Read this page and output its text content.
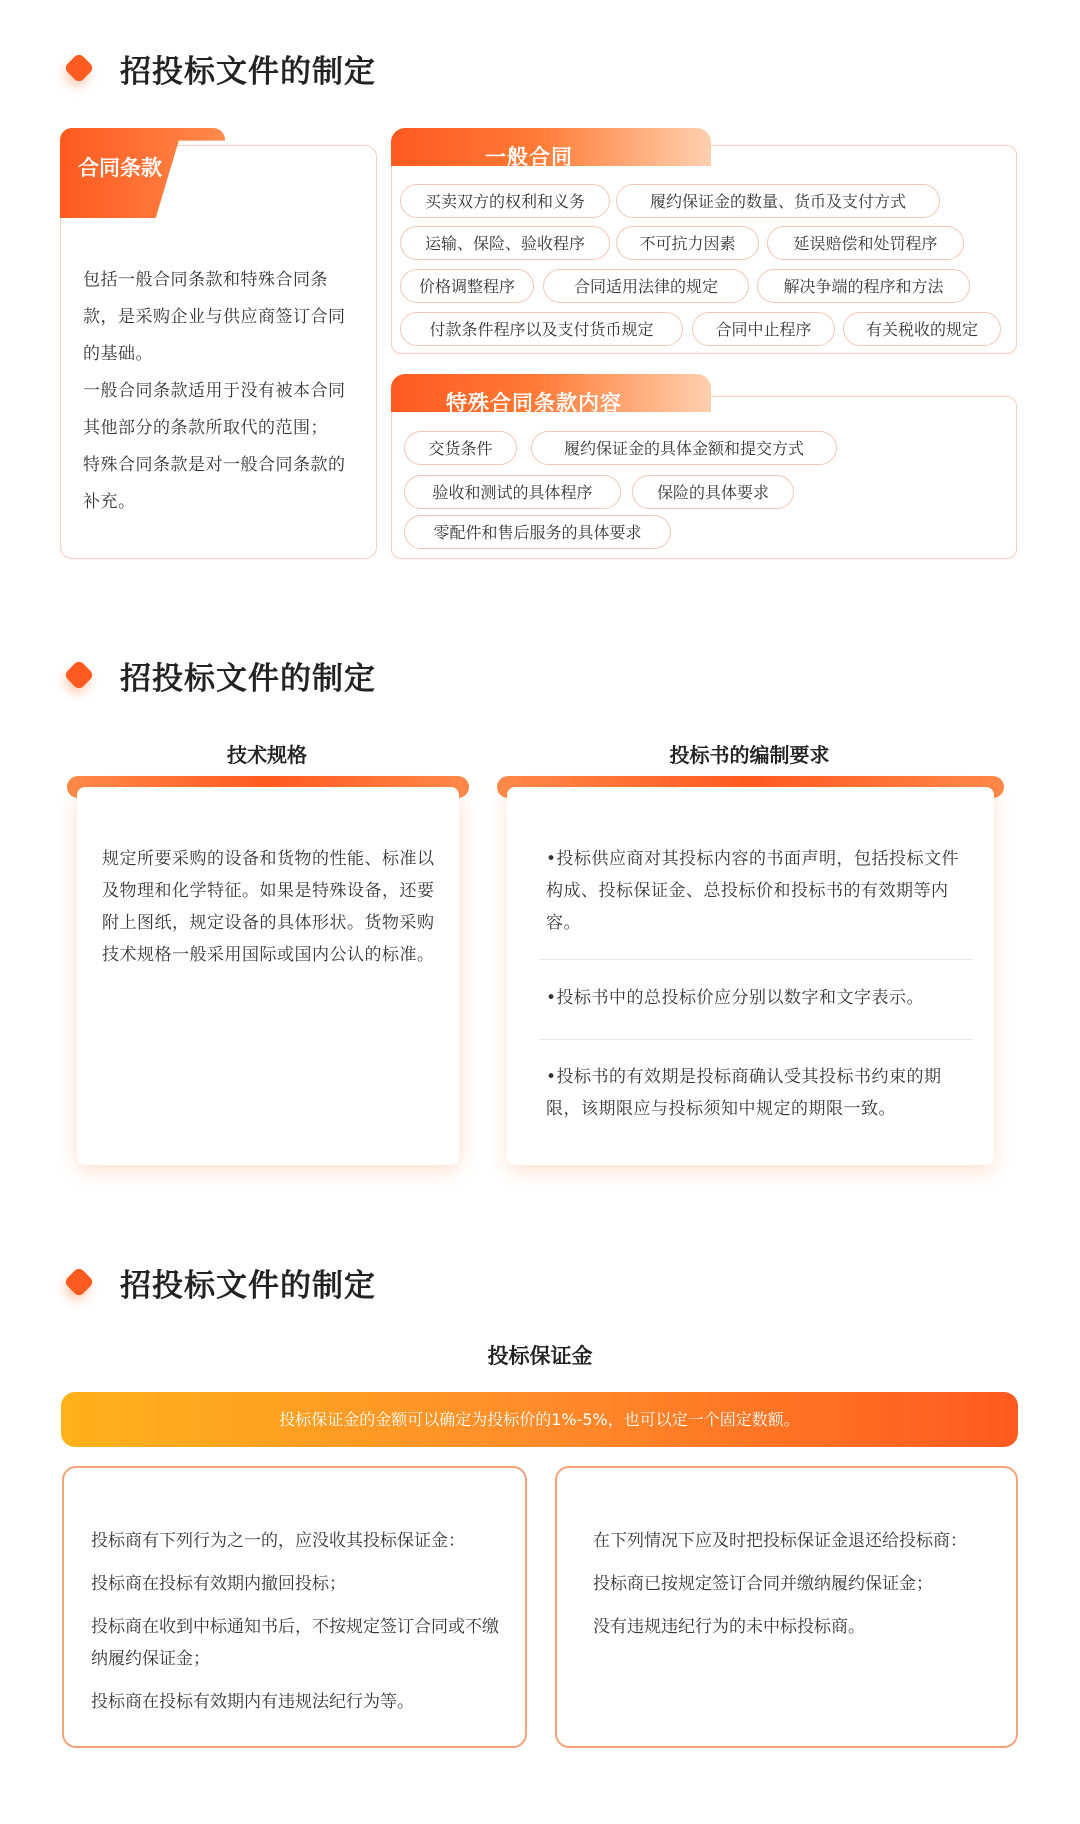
招投标文件的制定
合同条款

包括一般合同条款和特殊合同条款，是采购企业与供应商签订合同的基础。

一般合同条款适用于没有被本合同其他部分的条款所取代的范围；

特殊合同条款是对一般合同条款的补充。

一般合同
买卖双方的权利和义务	履约保证金的数量、货币及支付方式
运输、保险、验收程序	不可抗力因素	延误赔偿和处罚程序
价格调整程序	合同适用法律的规定	解决争端的程序和方法
付款条件程序以及支付货币规定	合同中止程序	有关税收的规定
特殊合同条款内容
交货条件	履约保证金的具体金额和提交方式
验收和测试的具体程序	保险的具体要求
零配件和售后服务的具体要求
招投标文件的制定
技术规格
规定所要采购的设备和货物的性能、标准以及物理和化学特征。如果是特殊设备，还要附上图纸，规定设备的具体形状。货物采购技术规格一般采用国际或国内公认的标准。
投标书的编制要求
•投标供应商对其投标内容的书面声明，包括投标文件构成、投标保证金、总投标价和投标书的有效期等内容。
•投标书中的总投标价应分别以数字和文字表示。
•投标书的有效期是投标商确认受其投标书约束的期限，该期限应与投标须知中规定的期限一致。
招投标文件的制定
投标保证金
投标保证金的金额可以确定为投标价的1%-5%，也可以定一个固定数额。

投标商有下列行为之一的，应没收其投标保证金：

投标商在投标有效期内撤回投标；

投标商在收到中标通知书后，不按规定签订合同或不缴纳履约保证金；

投标商在投标有效期内有违规法纪行为等。

在下列情况下应及时把投标保证金退还给投标商：

投标商已按规定签订合同并缴纳履约保证金；

没有违规违纪行为的未中标投标商。
